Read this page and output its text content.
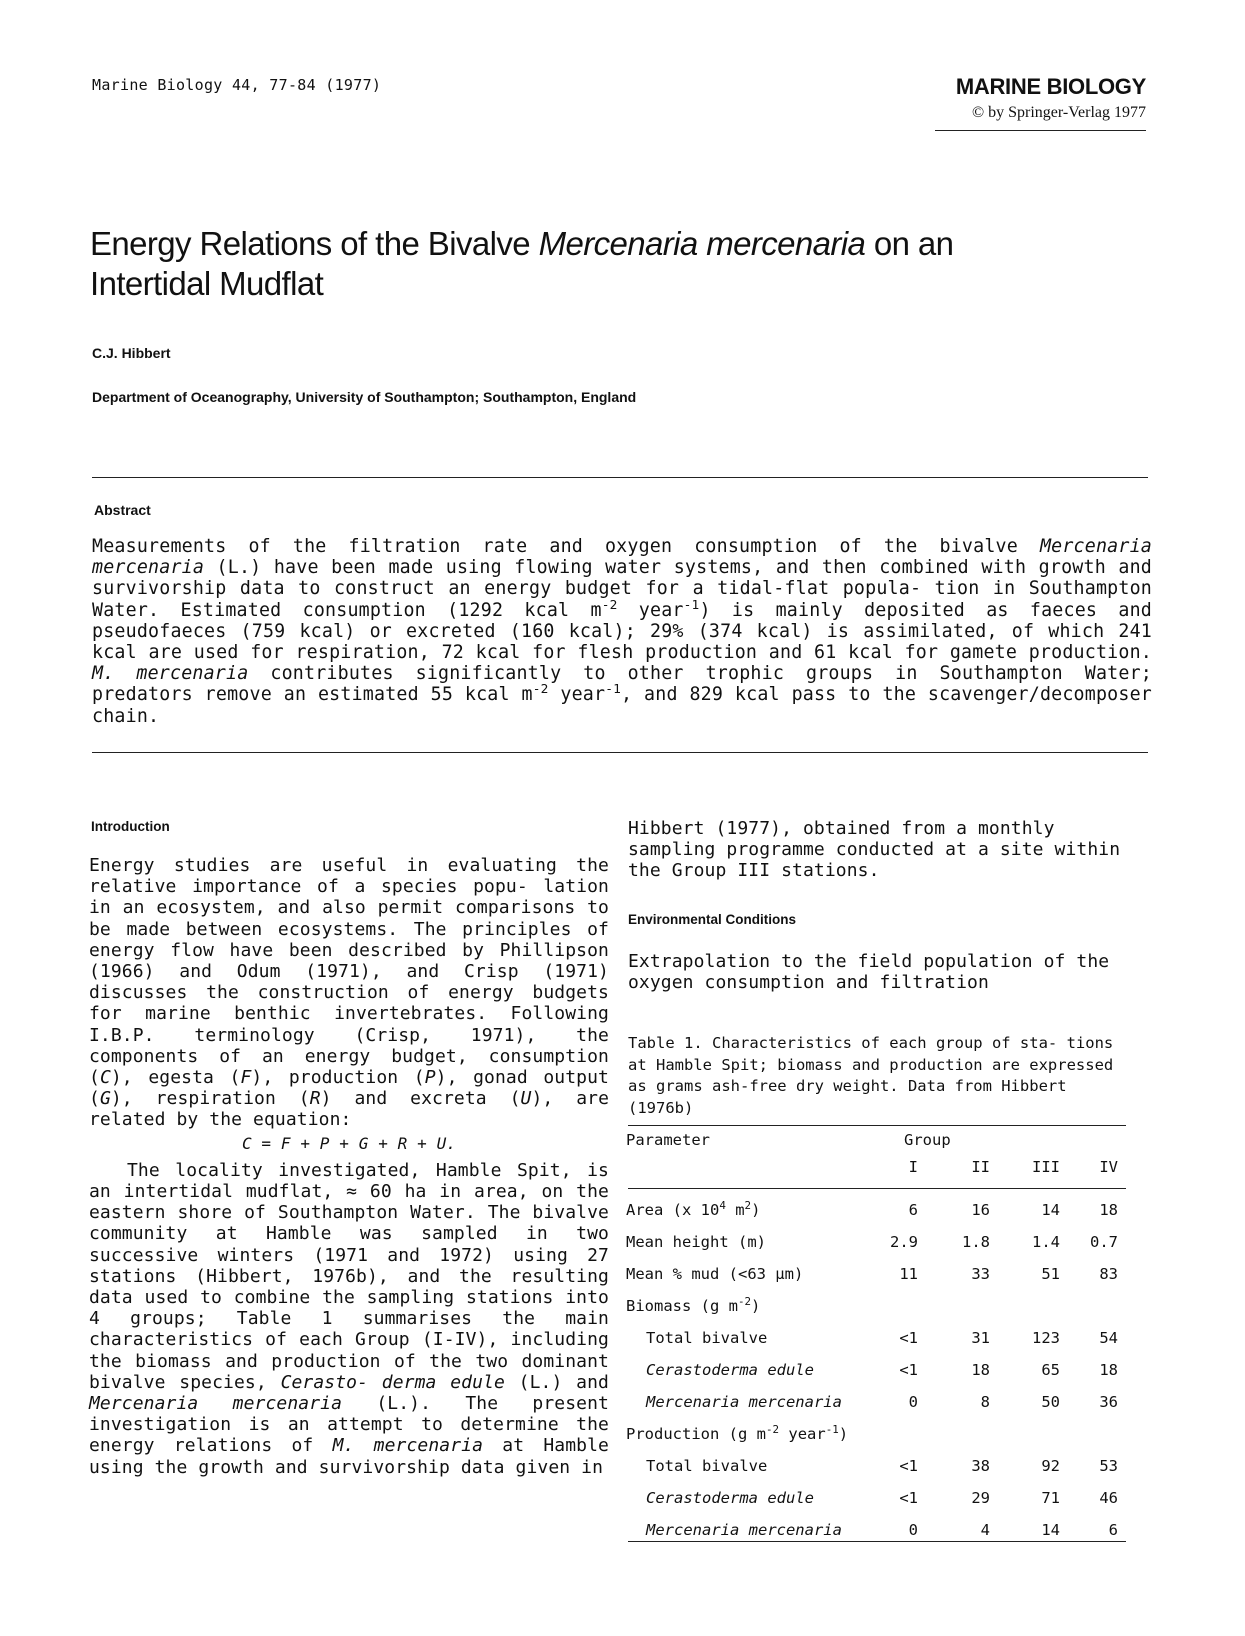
Marine Biology 44, 77-84 (1977)	MARINE BIOLOGY
© by Springer-Verlag 1977
Energy Relations of the Bivalve Mercenaria mercenaria on an
Intertidal Mudflat
C.J. Hibbert
Department of Oceanography, University of Southampton; Southampton, England
Abstract
Measurements of the filtration rate and oxygen consumption of the bivalve Mercenaria mercenaria (L.) have been made using flowing water systems, and then combined with growth and survivorship data to construct an energy budget for a tidal-flat popula- tion in Southampton Water. Estimated consumption (1292 kcal $m^{-2}$ year$^{-1}$) is mainly deposited as faeces and pseudofaeces (759 kcal) or excreted (160 kcal); 29% (374 kcal) is assimilated, of which 241 kcal are used for respiration, 72 kcal for flesh production and 61 kcal for gamete production. M. mercenaria contributes significantly to other trophic groups in Southampton Water; predators remove an estimated 55 kcal $m^{-2}$ year$^{-1}$, and 829 kcal pass to the scavenger/decomposer chain.
Introduction

Energy studies are useful in evaluating the relative importance of a species popu- lation in an ecosystem, and also permit comparisons to be made between ecosystems. The principles of energy flow have been described by Phillipson (1966) and Odum (1971), and Crisp (1971) discusses the construction of energy budgets for marine benthic invertebrates. Following I.B.P. terminology (Crisp, 1971), the components of an energy budget, consumption (C), egesta (F), production (P), gonad output (G), respiration (R) and excreta (U), are related by the equation:

C = F + P + G + R + U.

The locality investigated, Hamble Spit, is an intertidal mudflat, ≈ 60 ha in area, on the eastern shore of Southampton Water. The bivalve community at Hamble was sampled in two successive winters (1971 and 1972) using 27 stations (Hibbert, 1976b), and the resulting data used to combine the sampling stations into 4 groups; Table 1 summarises the main characteristics of each Group (I-IV), including the biomass and production of the two dominant bivalve species, Cerasto- derma edule (L.) and Mercenaria mercenaria (L.). The present investigation is an attempt to determine the energy relations of M. mercenaria at Hamble using the growth and survivorship data given in

Hibbert (1977), obtained from a monthly sampling programme conducted at a site within the Group III stations.
Environmental Conditions
Extrapolation to the field population of the oxygen consumption and filtration
Table 1. Characteristics of each group of sta- tions at Hamble Spit; biomass and production are expressed as grams ash-free dry weight. Data from Hibbert (1976b)
Parameter	Group			
	I	II	III	IV
Area (x $10^4$ $m^2$)	6	16	14	18
Mean height (m)	2.9	1.8	1.4	0.7
Mean % mud (<63 µm)	11	33	51	83
Biomass (g $m^{-2}$)				
Total bivalve	<1	31	123	54
Cerastoderma edule	<1	18	65	18
Mercenaria mercenaria	0	8	50	36
Production (g $m^{-2}$ year$^{-1}$)				
Total bivalve	<1	38	92	53
Cerastoderma edule	<1	29	71	46
Mercenaria mercenaria	0	4	14	6
